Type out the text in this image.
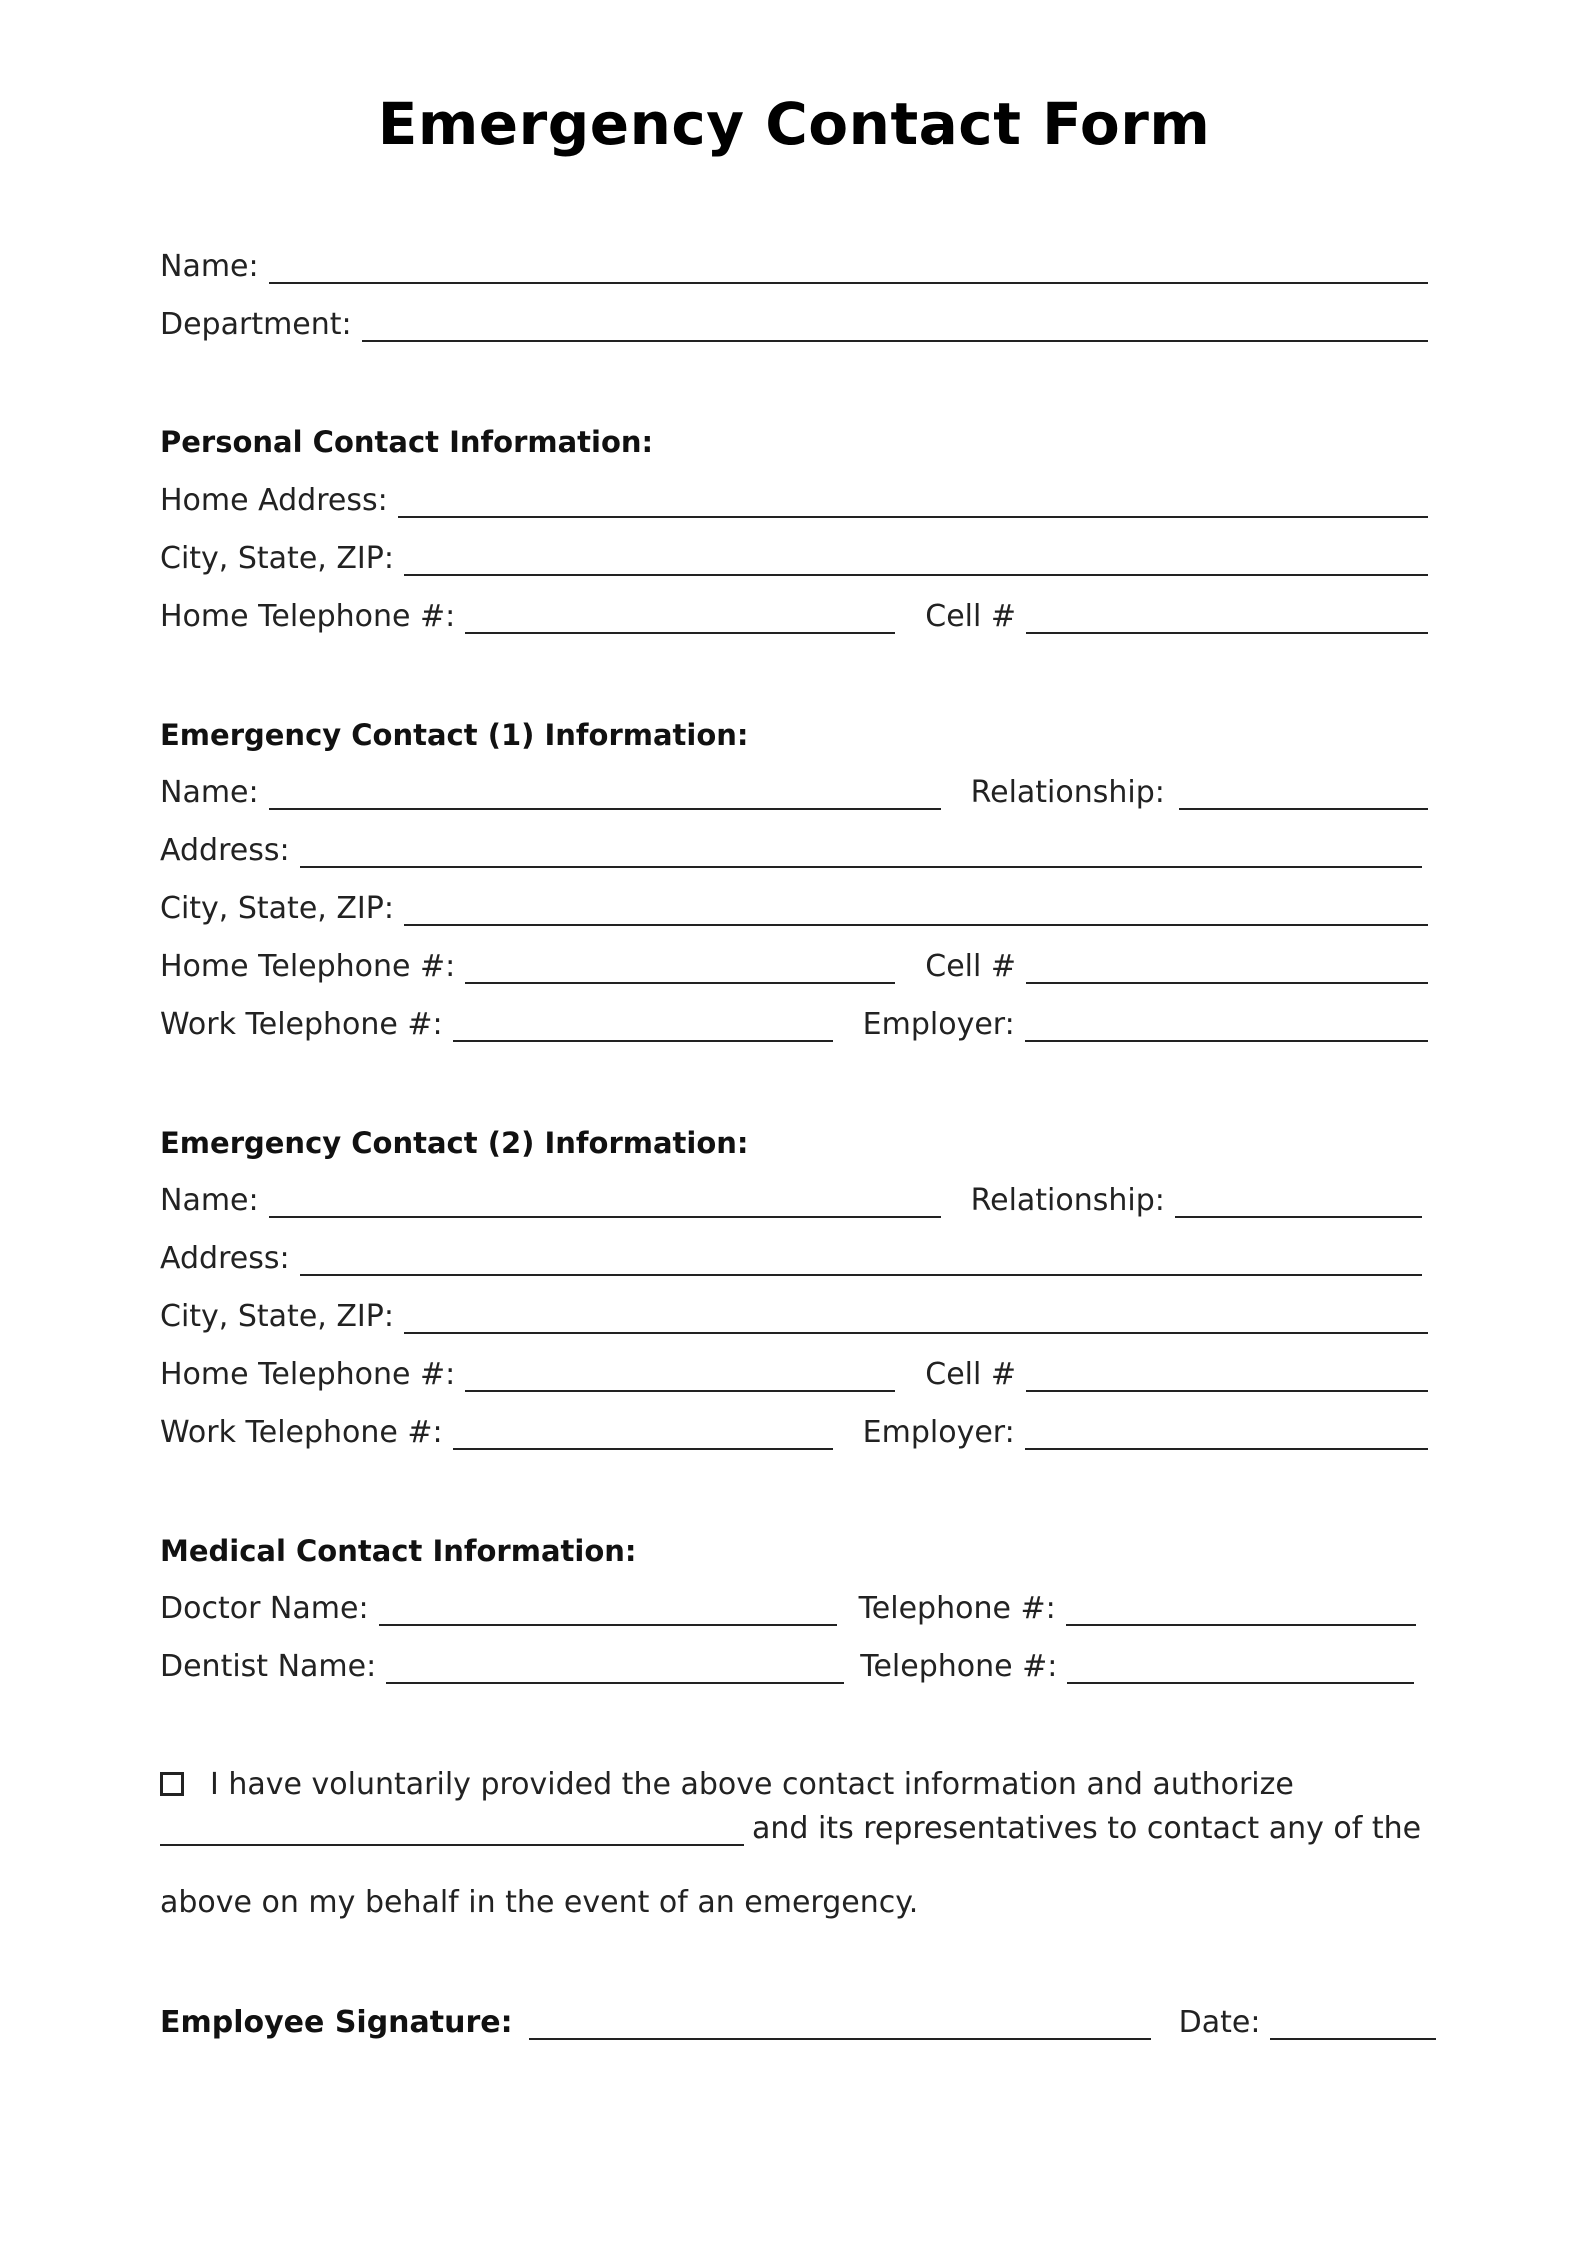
Emergency Contact Form
Name:
Department:
Personal Contact Information:
Home Address:
City, State, ZIP:
Home Telephone #:	Cell #
Emergency Contact (1) Information:
Name:	Relationship:
Address:
City, State, ZIP:
Home Telephone #:	Cell #
Work Telephone #:	Employer:
Emergency Contact (2) Information:
Name:	Relationship:
Address:
City, State, ZIP:
Home Telephone #:	Cell #
Work Telephone #:	Employer:
Medical Contact Information:
Doctor Name:	Telephone #:
Dentist Name:	Telephone #:
I have voluntarily provided the above contact information and authorize
and its representatives to contact any of the
above on my behalf in the event of an emergency.
Employee Signature:	Date:
